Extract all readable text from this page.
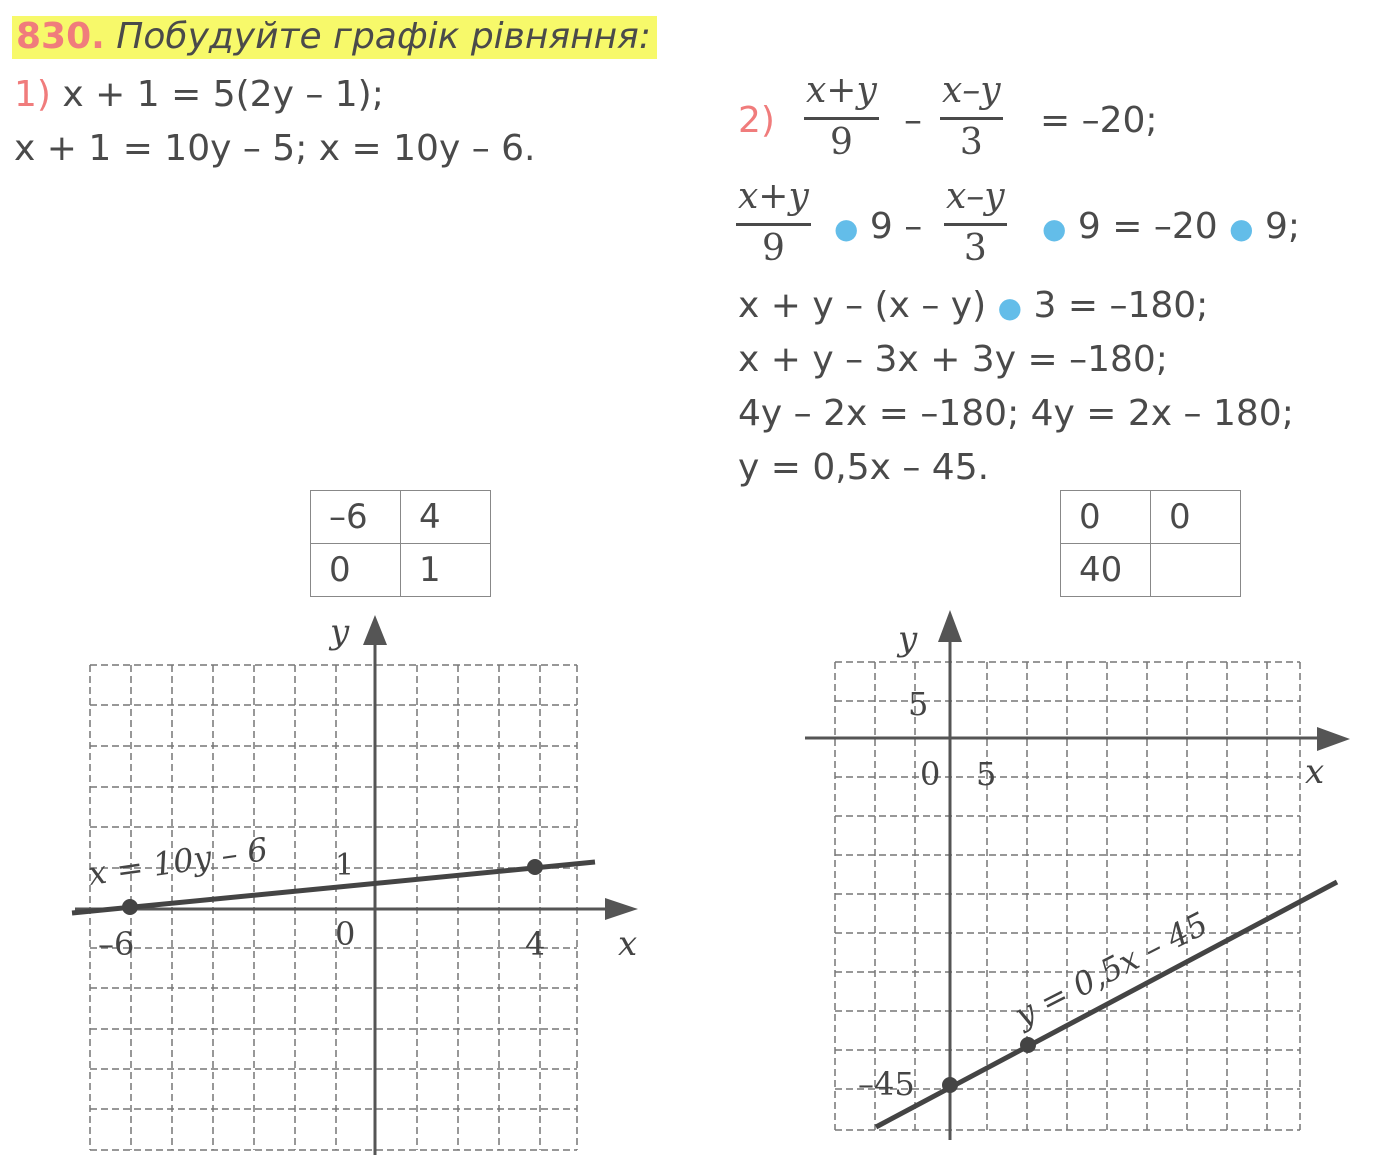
830. Побудуйте графік рівняння:
1) x + 1 = 5(2y – 1);
x + 1 = 10y – 5; x = 10y – 6.
–6	4
0	1
y
x
x = 10y – 6 1
0
–6	4
$2) \frac{x+y}{9} - \frac{x-y}{3} = -20$;
$\frac{x+y}{9}$ ● $9 - \frac{x-y}{3}$ ● 9 = –20 ● 9;
x + y – (x – y) ● 3 = –180;
x + y – 3x + 3y = –180;
4y – 2x = –180; 4y = 2x – 180;
y = 0,5x – 45.
0	0
40	
y
x
5
0 5
–45
y = 0,5x – 45
